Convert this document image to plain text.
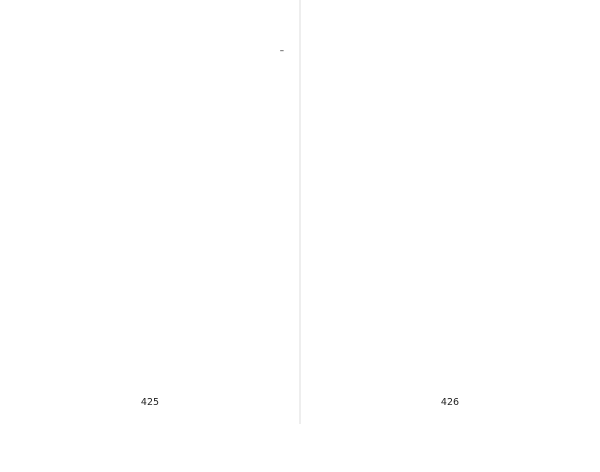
–
425	426
